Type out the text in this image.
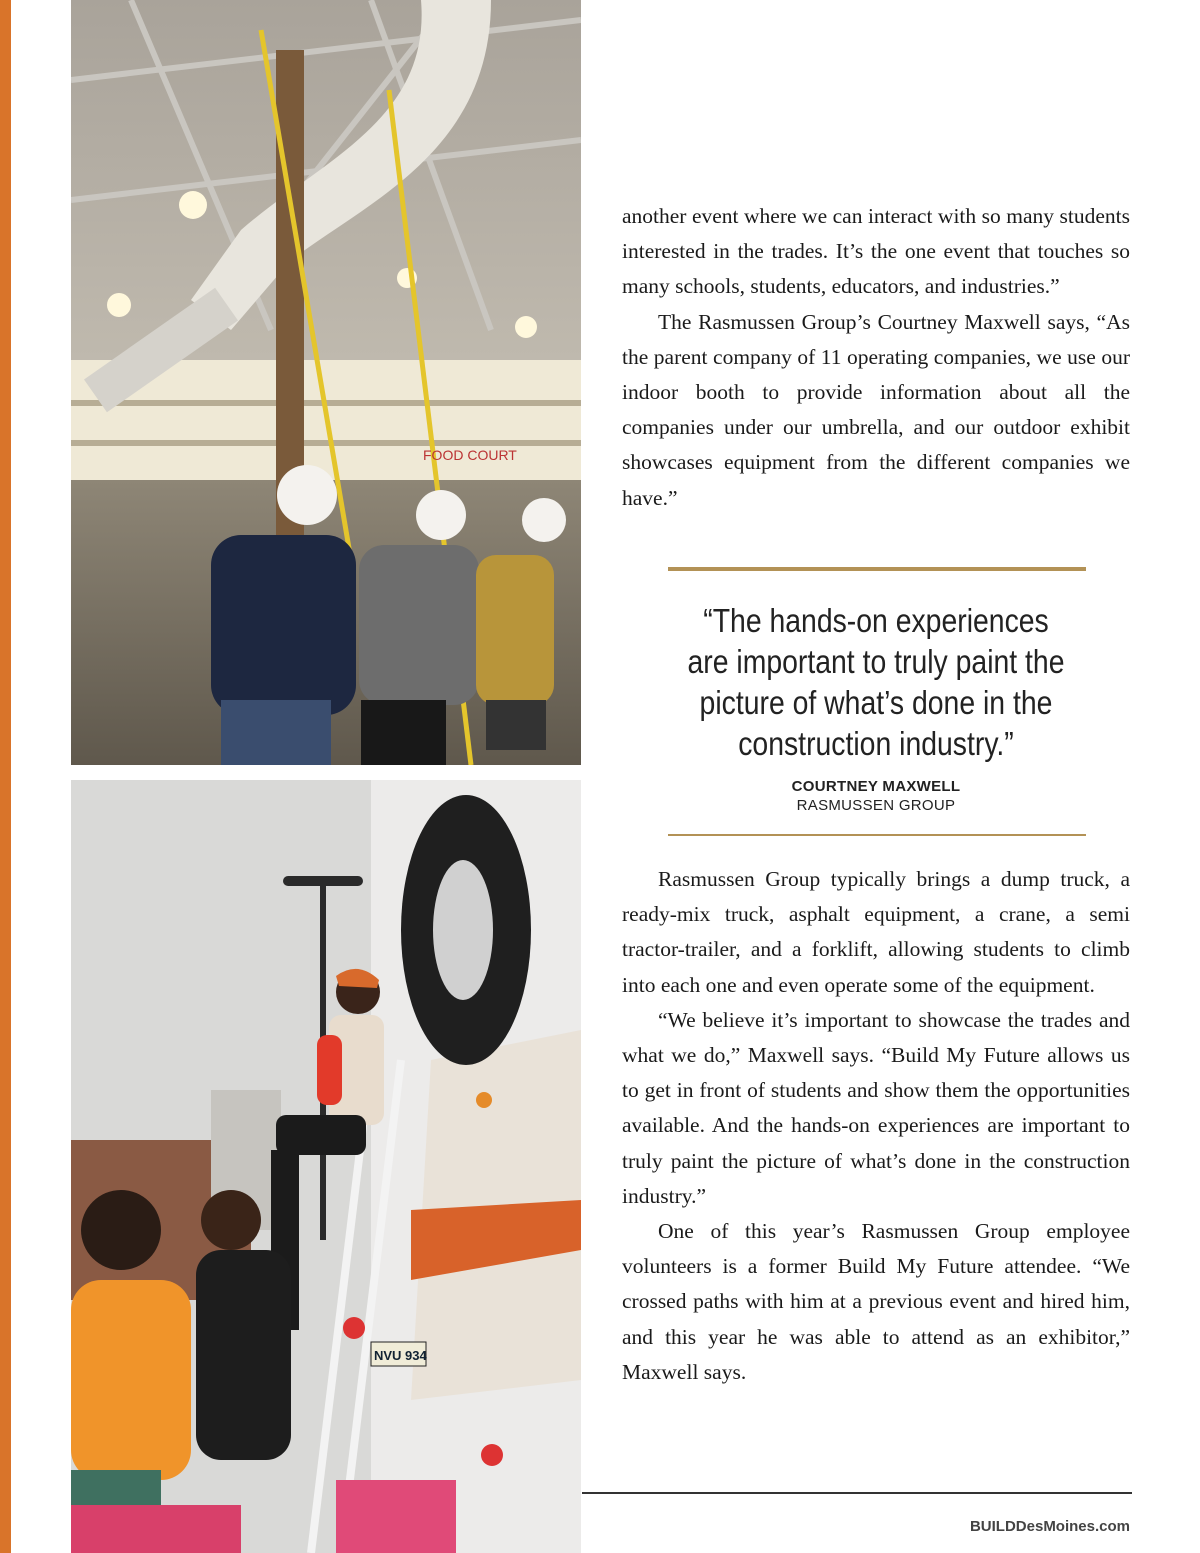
FOOD COURT
NVU 934

another event where we can interact with so many students interested in the trades. It’s the one event that touches so many schools, students, educators, and industries.”

The Rasmussen Group’s Courtney Maxwell says, “As the parent company of 11 operating companies, we use our indoor booth to provide information about all the companies under our umbrella, and our outdoor exhibit showcases equipment from the different companies we have.”

“The hands-on experiences
are important to truly paint the
picture of what’s done in the
construction industry.”
COURTNEY MAXWELL
RASMUSSEN GROUP

Rasmussen Group typically brings a dump truck, a ready-mix truck, asphalt equipment, a crane, a semi tractor-trailer, and a forklift, allowing students to climb into each one and even operate some of the equipment.

“We believe it’s important to showcase the trades and what we do,” Maxwell says. “Build My Future allows us to get in front of students and show them the opportunities available. And the hands-on experiences are important to truly paint the picture of what’s done in the construction industry.”

One of this year’s Rasmussen Group employee volunteers is a former Build My Future attendee. “We crossed paths with him at a previous event and hired him, and this year he was able to attend as an exhibitor,” Maxwell says.

BUILDDesMoines.com
